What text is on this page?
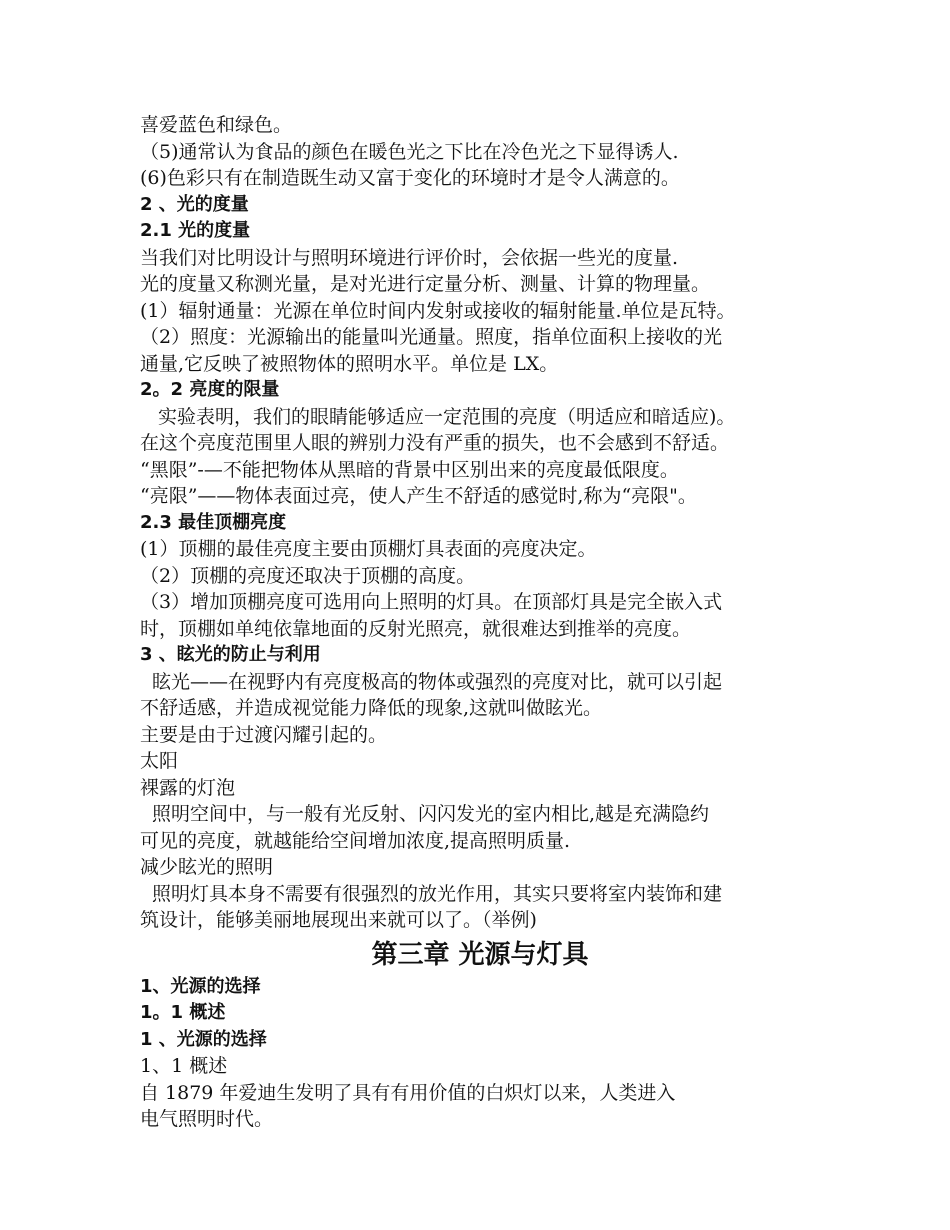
喜爱蓝色和绿色。

（5)通常认为食品的颜色在暖色光之下比在冷色光之下显得诱人.

(6)色彩只有在制造既生动又富于变化的环境时才是令人满意的。

2 、光的度量

2.1 光的度量

当我们对比明设计与照明环境进行评价时，会依据一些光的度量.

光的度量又称测光量，是对光进行定量分析、测量、计算的物理量。

(1）辐射通量：光源在单位时间内发射或接收的辐射能量.单位是瓦特。

（2）照度：光源输出的能量叫光通量。照度，指单位面积上接收的光

通量,它反映了被照物体的照明水平。单位是 LX。

2。2 亮度的限量

实验表明，我们的眼睛能够适应一定范围的亮度（明适应和暗适应)。

在这个亮度范围里人眼的辨别力没有严重的损失，也不会感到不舒适。

“黑限”-—不能把物体从黑暗的背景中区别出来的亮度最低限度。

“亮限”——物体表面过亮，使人产生不舒适的感觉时,称为“亮限"。

2.3 最佳顶棚亮度

(1）顶棚的最佳亮度主要由顶棚灯具表面的亮度决定。

（2）顶棚的亮度还取决于顶棚的高度。

（3）增加顶棚亮度可选用向上照明的灯具。在顶部灯具是完全嵌入式

时，顶棚如单纯依靠地面的反射光照亮，就很难达到推举的亮度。

3 、眩光的防止与利用

眩光——在视野内有亮度极高的物体或强烈的亮度对比，就可以引起

不舒适感，并造成视觉能力降低的现象,这就叫做眩光。

主要是由于过渡闪耀引起的。

太阳

裸露的灯泡

照明空间中，与一般有光反射、闪闪发光的室内相比,越是充满隐约

可见的亮度，就越能给空间增加浓度,提高照明质量.

减少眩光的照明

照明灯具本身不需要有很强烈的放光作用，其实只要将室内装饰和建

筑设计，能够美丽地展现出来就可以了。（举例)

第三章 光源与灯具

1、光源的选择

1。1 概述

1 、光源的选择

1、1 概述

自 1879 年爱迪生发明了具有有用价值的白炽灯以来，人类进入

电气照明时代。
